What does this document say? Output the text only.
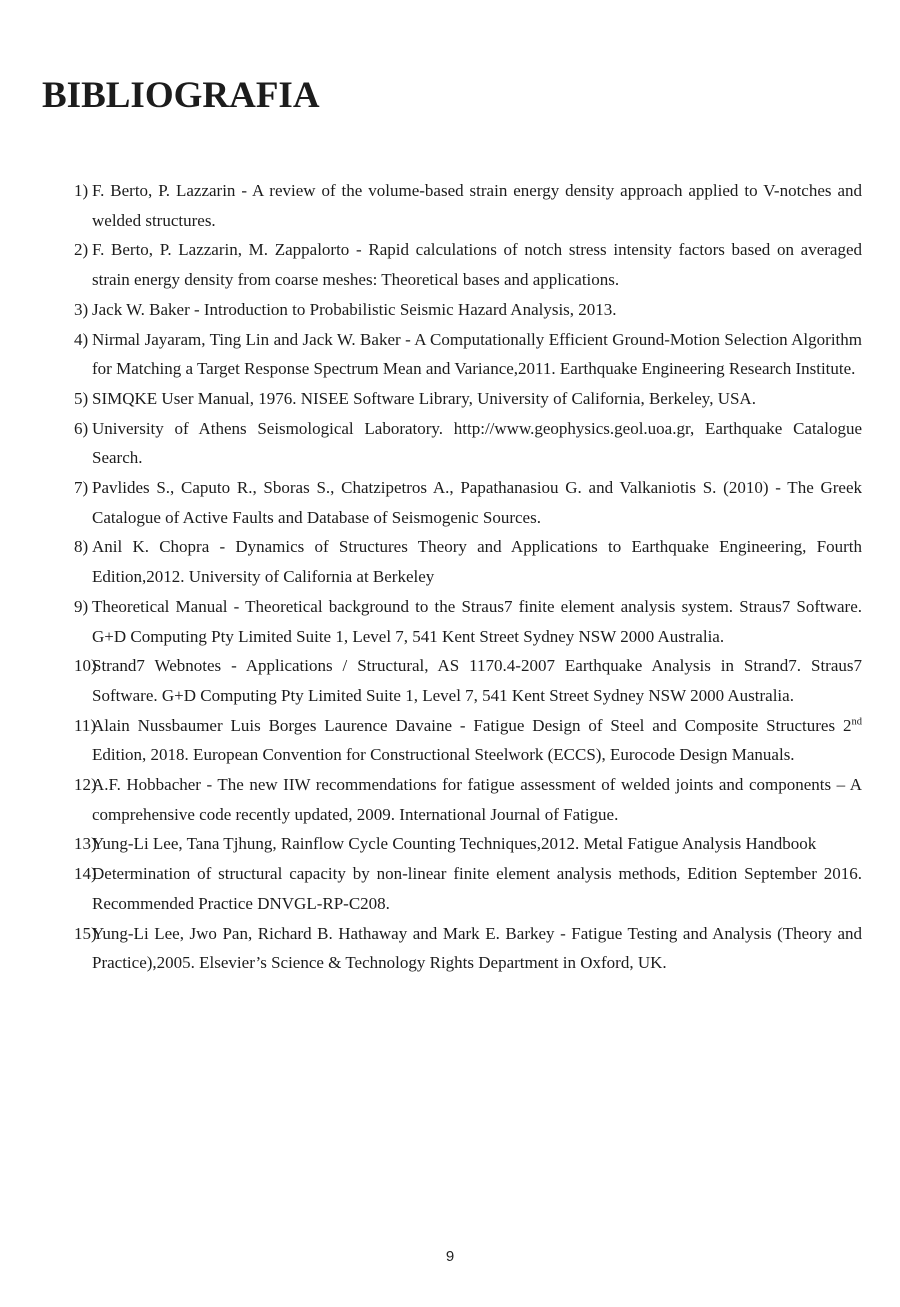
BIBLIOGRAFIA

1) F. Berto, P. Lazzarin - A review of the volume-based strain energy density approach applied to V-notches and welded structures.

2) F. Berto, P. Lazzarin, M. Zappalorto - Rapid calculations of notch stress intensity factors based on averaged strain energy density from coarse meshes: Theoretical bases and applications.

3) Jack W. Baker - Introduction to Probabilistic Seismic Hazard Analysis, 2013.

4) Nirmal Jayaram, Ting Lin and Jack W. Baker - A Computationally Efficient Ground-Motion Selection Algorithm for Matching a Target Response Spectrum Mean and Variance,2011. Earthquake Engineering Research Institute.

5) SIMQKE User Manual, 1976. NISEE Software Library, University of California, Berkeley, USA.

6) University of Athens Seismological Laboratory. http://www.geophysics.geol.uoa.gr, Earthquake Catalogue Search.

7) Pavlides S., Caputo R., Sboras S., Chatzipetros A., Papathanasiou G. and Valkaniotis S. (2010) - The Greek Catalogue of Active Faults and Database of Seismogenic Sources.

8) Anil K. Chopra - Dynamics of Structures Theory and Applications to Earthquake Engineering, Fourth Edition,2012. University of California at Berkeley

9) Theoretical Manual - Theoretical background to the Straus7 finite element analysis system. Straus7 Software. G+D Computing Pty Limited Suite 1, Level 7, 541 Kent Street Sydney NSW 2000 Australia.

10)
Strand7 Webnotes - Applications / Structural, AS 1170.4-2007 Earthquake Analysis in Strand7. Straus7 Software. G+D Computing Pty Limited Suite 1, Level 7, 541 Kent Street Sydney NSW 2000 Australia.

11)
Alain Nussbaumer Luis Borges Laurence Davaine - Fatigue Design of Steel and Composite Structures 2nd Edition, 2018. European Convention for Constructional Steelwork (ECCS), Eurocode Design Manuals.

12)
A.F. Hobbacher - The new IIW recommendations for fatigue assessment of welded joints and components – A comprehensive code recently updated, 2009. International Journal of Fatigue.

13)
Yung-Li Lee, Tana Tjhung, Rainflow Cycle Counting Techniques,2012. Metal Fatigue Analysis Handbook

14)
Determination of structural capacity by non-linear finite element analysis methods, Edition September 2016. Recommended Practice DNVGL-RP-C208.

15)
Yung-Li Lee, Jwo Pan, Richard B. Hathaway and Mark E. Barkey - Fatigue Testing and Analysis (Theory and Practice),2005. Elsevier’s Science & Technology Rights Department in Oxford, UK.

9
